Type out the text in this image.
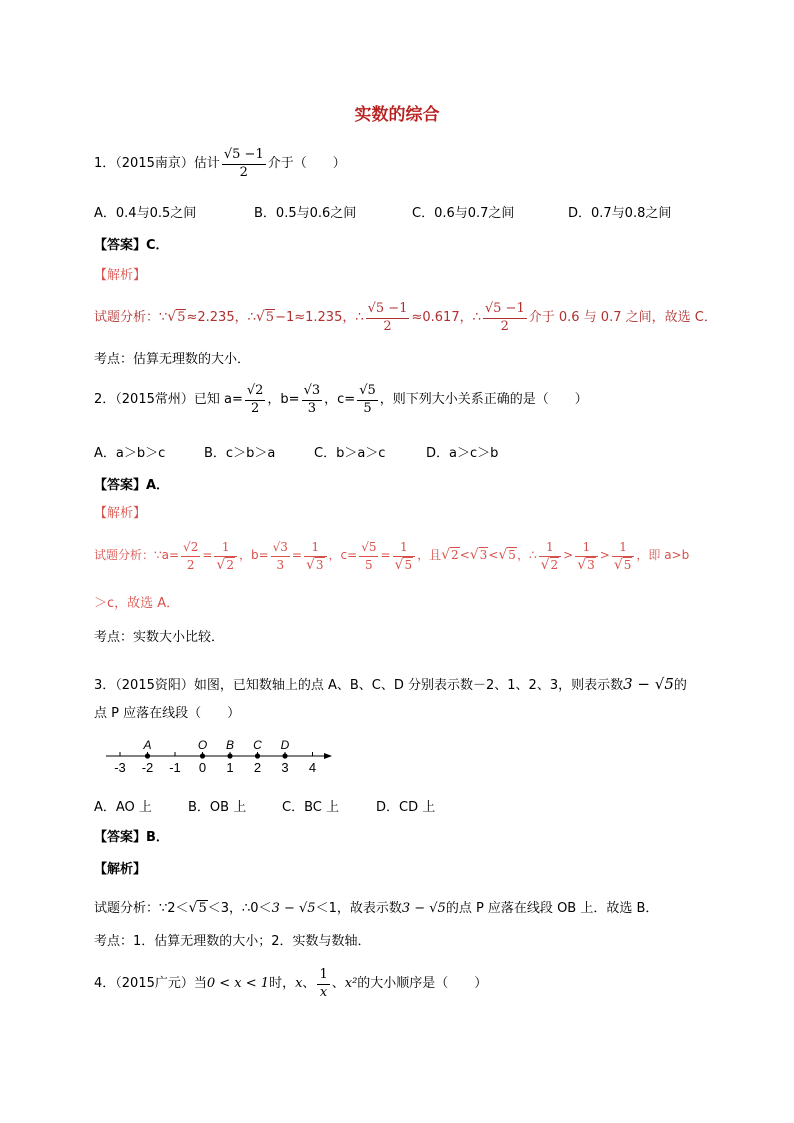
实数的综合
1．（2015南京）估计 $\frac{√5 -1}{2}$ 介于（　　）
A．0.4与0.5之间	B．0.5与0.6之间	C．0.6与0.7之间	D．0.7与0.8之间
【答案】C．
【解析】
试题分析：∵√5≈2.235，∴√5−1≈1.235，∴ $\frac{√5 -1}{2} \approx 0.617$，∴ $\frac{√5 -1}{2}$ 介于 0.6 与 0.7 之间，故选 C．
考点：估算无理数的大小．
2．（2015常州）已知 $a= \frac{√2}{2}$ ，$b= \frac{√3}{3}$ ，$c= \frac{√5}{5}$ ，则下列大小关系正确的是（　　）
A．a＞b＞c	B．c＞b＞a	C．b＞a＞c	D．a＞c＞b
【答案】A．
【解析】
试题分析：∵a= $\frac{√2}{2} = \frac{1}{√2}$ ，$b= \frac{√3}{3} = \frac{1}{√3}$ ，$c= \frac{√5}{5} = \frac{1}{√5}$ ，且√2<√3<√5，∴ $\frac{1}{√2} > \frac{1}{√3} > \frac{1}{√5}$ ，即 a>b
＞c，故选 A．
考点：实数大小比较．
3．（2015资阳）如图，已知数轴上的点 A、B、C、D 分别表示数－2、1、2、3，则表示数3 − √5的
点 P 应落在线段（　　）
-3 -2 -1 0 1 2 3 4
A	O B C D
A．AO 上	B．OB 上	C．BC 上	D．CD 上
【答案】B．
【解析】
试题分析：∵2＜√5＜3，∴0＜3 − √5＜1，故表示数3 − √5的点 P 应落在线段 OB 上．故选 B．
考点：1．估算无理数的大小；2．实数与数轴．
4．（2015广元）当0 < x < 1时，x、 $\frac{1}{x}$ 、x²的大小顺序是（　　）
